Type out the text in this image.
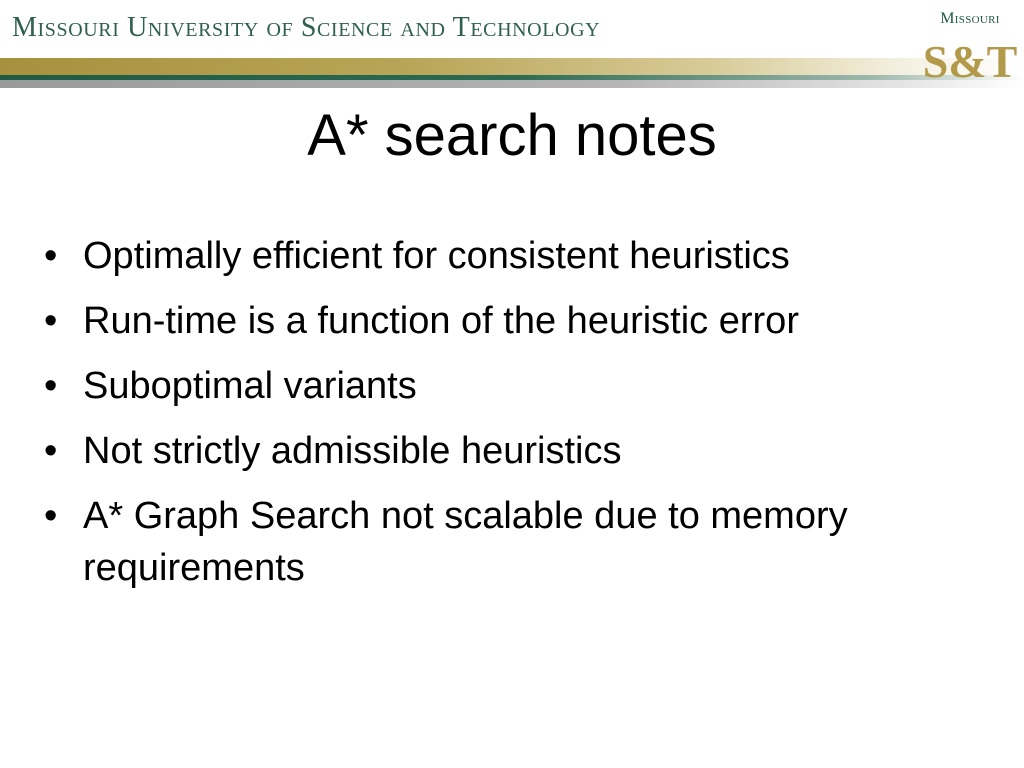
Missouri University of Science and Technology	Missouri
S&T
A* search notes
• Optimally efficient for consistent heuristics
• Run-time is a function of the heuristic error
• Suboptimal variants
• Not strictly admissible heuristics
• A* Graph Search not scalable due to memory requirements
